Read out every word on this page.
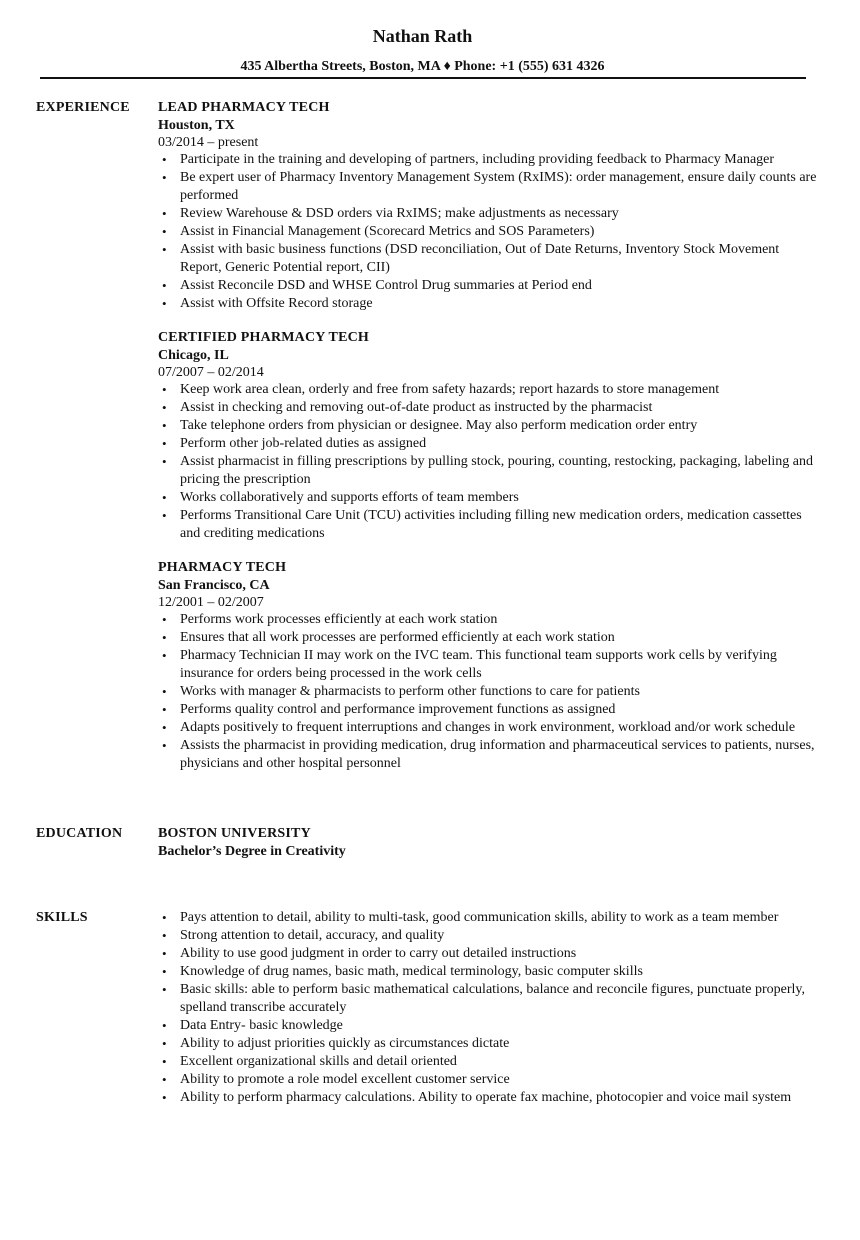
Nathan Rath
435 Albertha Streets, Boston, MA ♦ Phone: +1 (555) 631 4326
EXPERIENCE LEAD PHARMACY TECH
Houston, TX
03/2014 – present
• Participate in the training and developing of partners, including providing feedback to Pharmacy Manager
• Be expert user of Pharmacy Inventory Management System (RxIMS): order management, ensure daily counts are performed
• Review Warehouse & DSD orders via RxIMS; make adjustments as necessary
• Assist in Financial Management (Scorecard Metrics and SOS Parameters)
• Assist with basic business functions (DSD reconciliation, Out of Date Returns, Inventory Stock Movement Report, Generic Potential report, CII)
• Assist Reconcile DSD and WHSE Control Drug summaries at Period end
• Assist with Offsite Record storage
CERTIFIED PHARMACY TECH
Chicago, IL
07/2007 – 02/2014
• Keep work area clean, orderly and free from safety hazards; report hazards to store management
• Assist in checking and removing out-of-date product as instructed by the pharmacist
• Take telephone orders from physician or designee. May also perform medication order entry
• Perform other job-related duties as assigned
• Assist pharmacist in filling prescriptions by pulling stock, pouring, counting, restocking, packaging, labeling and pricing the prescription
• Works collaboratively and supports efforts of team members
• Performs Transitional Care Unit (TCU) activities including filling new medication orders, medication cassettes and crediting medications
PHARMACY TECH
San Francisco, CA
12/2001 – 02/2007
• Performs work processes efficiently at each work station
• Ensures that all work processes are performed efficiently at each work station
• Pharmacy Technician II may work on the IVC team. This functional team supports work cells by verifying insurance for orders being processed in the work cells
• Works with manager & pharmacists to perform other functions to care for patients
• Performs quality control and performance improvement functions as assigned
• Adapts positively to frequent interruptions and changes in work environment, workload and/or work schedule
• Assists the pharmacist in providing medication, drug information and pharmaceutical services to patients, nurses, physicians and other hospital personnel
EDUCATION	BOSTON UNIVERSITY
Bachelor’s Degree in Creativity
SKILLS
•	Pays attention to detail, ability to multi-task, good communication skills, ability to work as a team member
• Strong attention to detail, accuracy, and quality
• Ability to use good judgment in order to carry out detailed instructions
• Knowledge of drug names, basic math, medical terminology, basic computer skills
• Basic skills: able to perform basic mathematical calculations, balance and reconcile figures, punctuate properly, spelland transcribe accurately
• Data Entry- basic knowledge
• Ability to adjust priorities quickly as circumstances dictate
• Excellent organizational skills and detail oriented
• Ability to promote a role model excellent customer service
• Ability to perform pharmacy calculations. Ability to operate fax machine, photocopier and voice mail system
